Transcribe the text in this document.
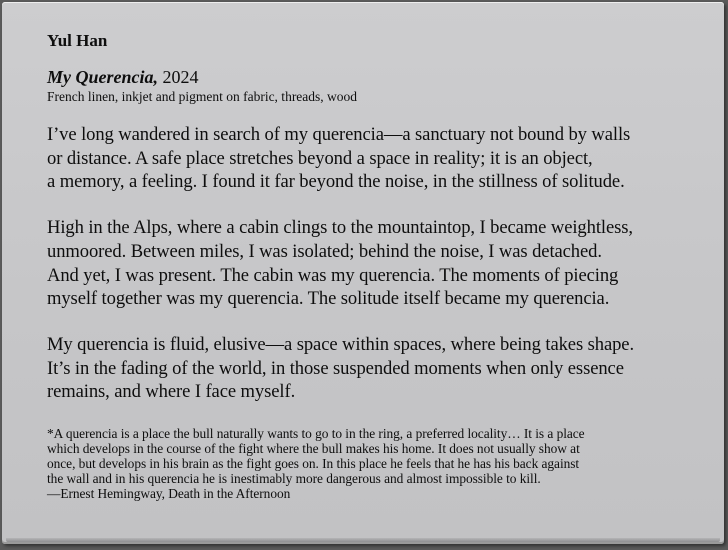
Yul Han
My Querencia, 2024
French linen, inkjet and pigment on fabric, threads, wood
I’ve long wandered in search of my querencia—a sanctuary not bound by walls
or distance. A safe place stretches beyond a space in reality; it is an object,
a memory, a feeling. I found it far beyond the noise, in the stillness of solitude.
High in the Alps, where a cabin clings to the mountaintop, I became weightless,
unmoored. Between miles, I was isolated; behind the noise, I was detached.
And yet, I was present. The cabin was my querencia. The moments of piecing
myself together was my querencia. The solitude itself became my querencia.
My querencia is fluid, elusive—a space within spaces, where being takes shape.
It’s in the fading of the world, in those suspended moments when only essence
remains, and where I face myself.
*A querencia is a place the bull naturally wants to go to in the ring, a preferred locality… It is a place
which develops in the course of the fight where the bull makes his home. It does not usually show at
once, but develops in his brain as the fight goes on. In this place he feels that he has his back against
the wall and in his querencia he is inestimably more dangerous and almost impossible to kill.
—Ernest Hemingway, Death in the Afternoon
